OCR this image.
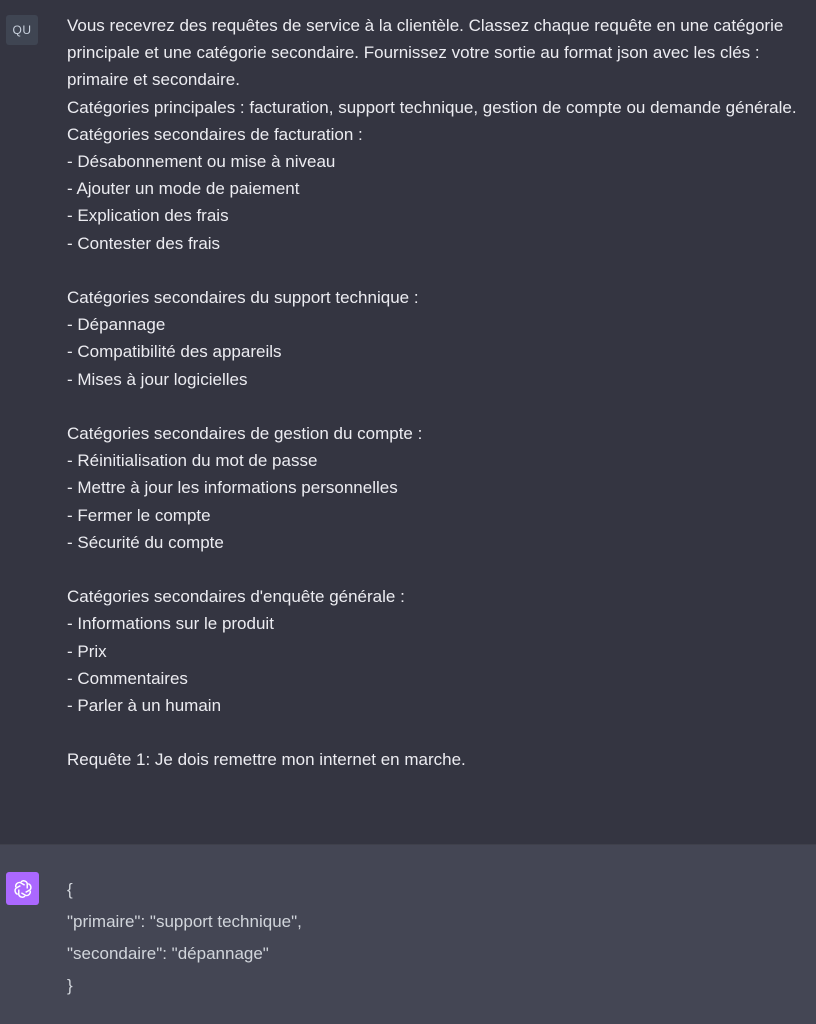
QU Vous recevrez des requêtes de service à la clientèle. Classez chaque requête en une catégorie principale et une catégorie secondaire. Fournissez votre sortie au format json avec les clés : primaire et secondaire.
Catégories principales : facturation, support technique, gestion de compte ou demande générale.
Catégories secondaires de facturation :
- Désabonnement ou mise à niveau
- Ajouter un mode de paiement
- Explication des frais
- Contester des frais
Catégories secondaires du support technique :
- Dépannage
- Compatibilité des appareils
- Mises à jour logicielles
Catégories secondaires de gestion du compte :
- Réinitialisation du mot de passe
- Mettre à jour les informations personnelles
- Fermer le compte
- Sécurité du compte
Catégories secondaires d'enquête générale :
- Informations sur le produit
- Prix
- Commentaires
- Parler à un humain
Requête 1: Je dois remettre mon internet en marche.
{
"primaire": "support technique",
"secondaire": "dépannage"
}
